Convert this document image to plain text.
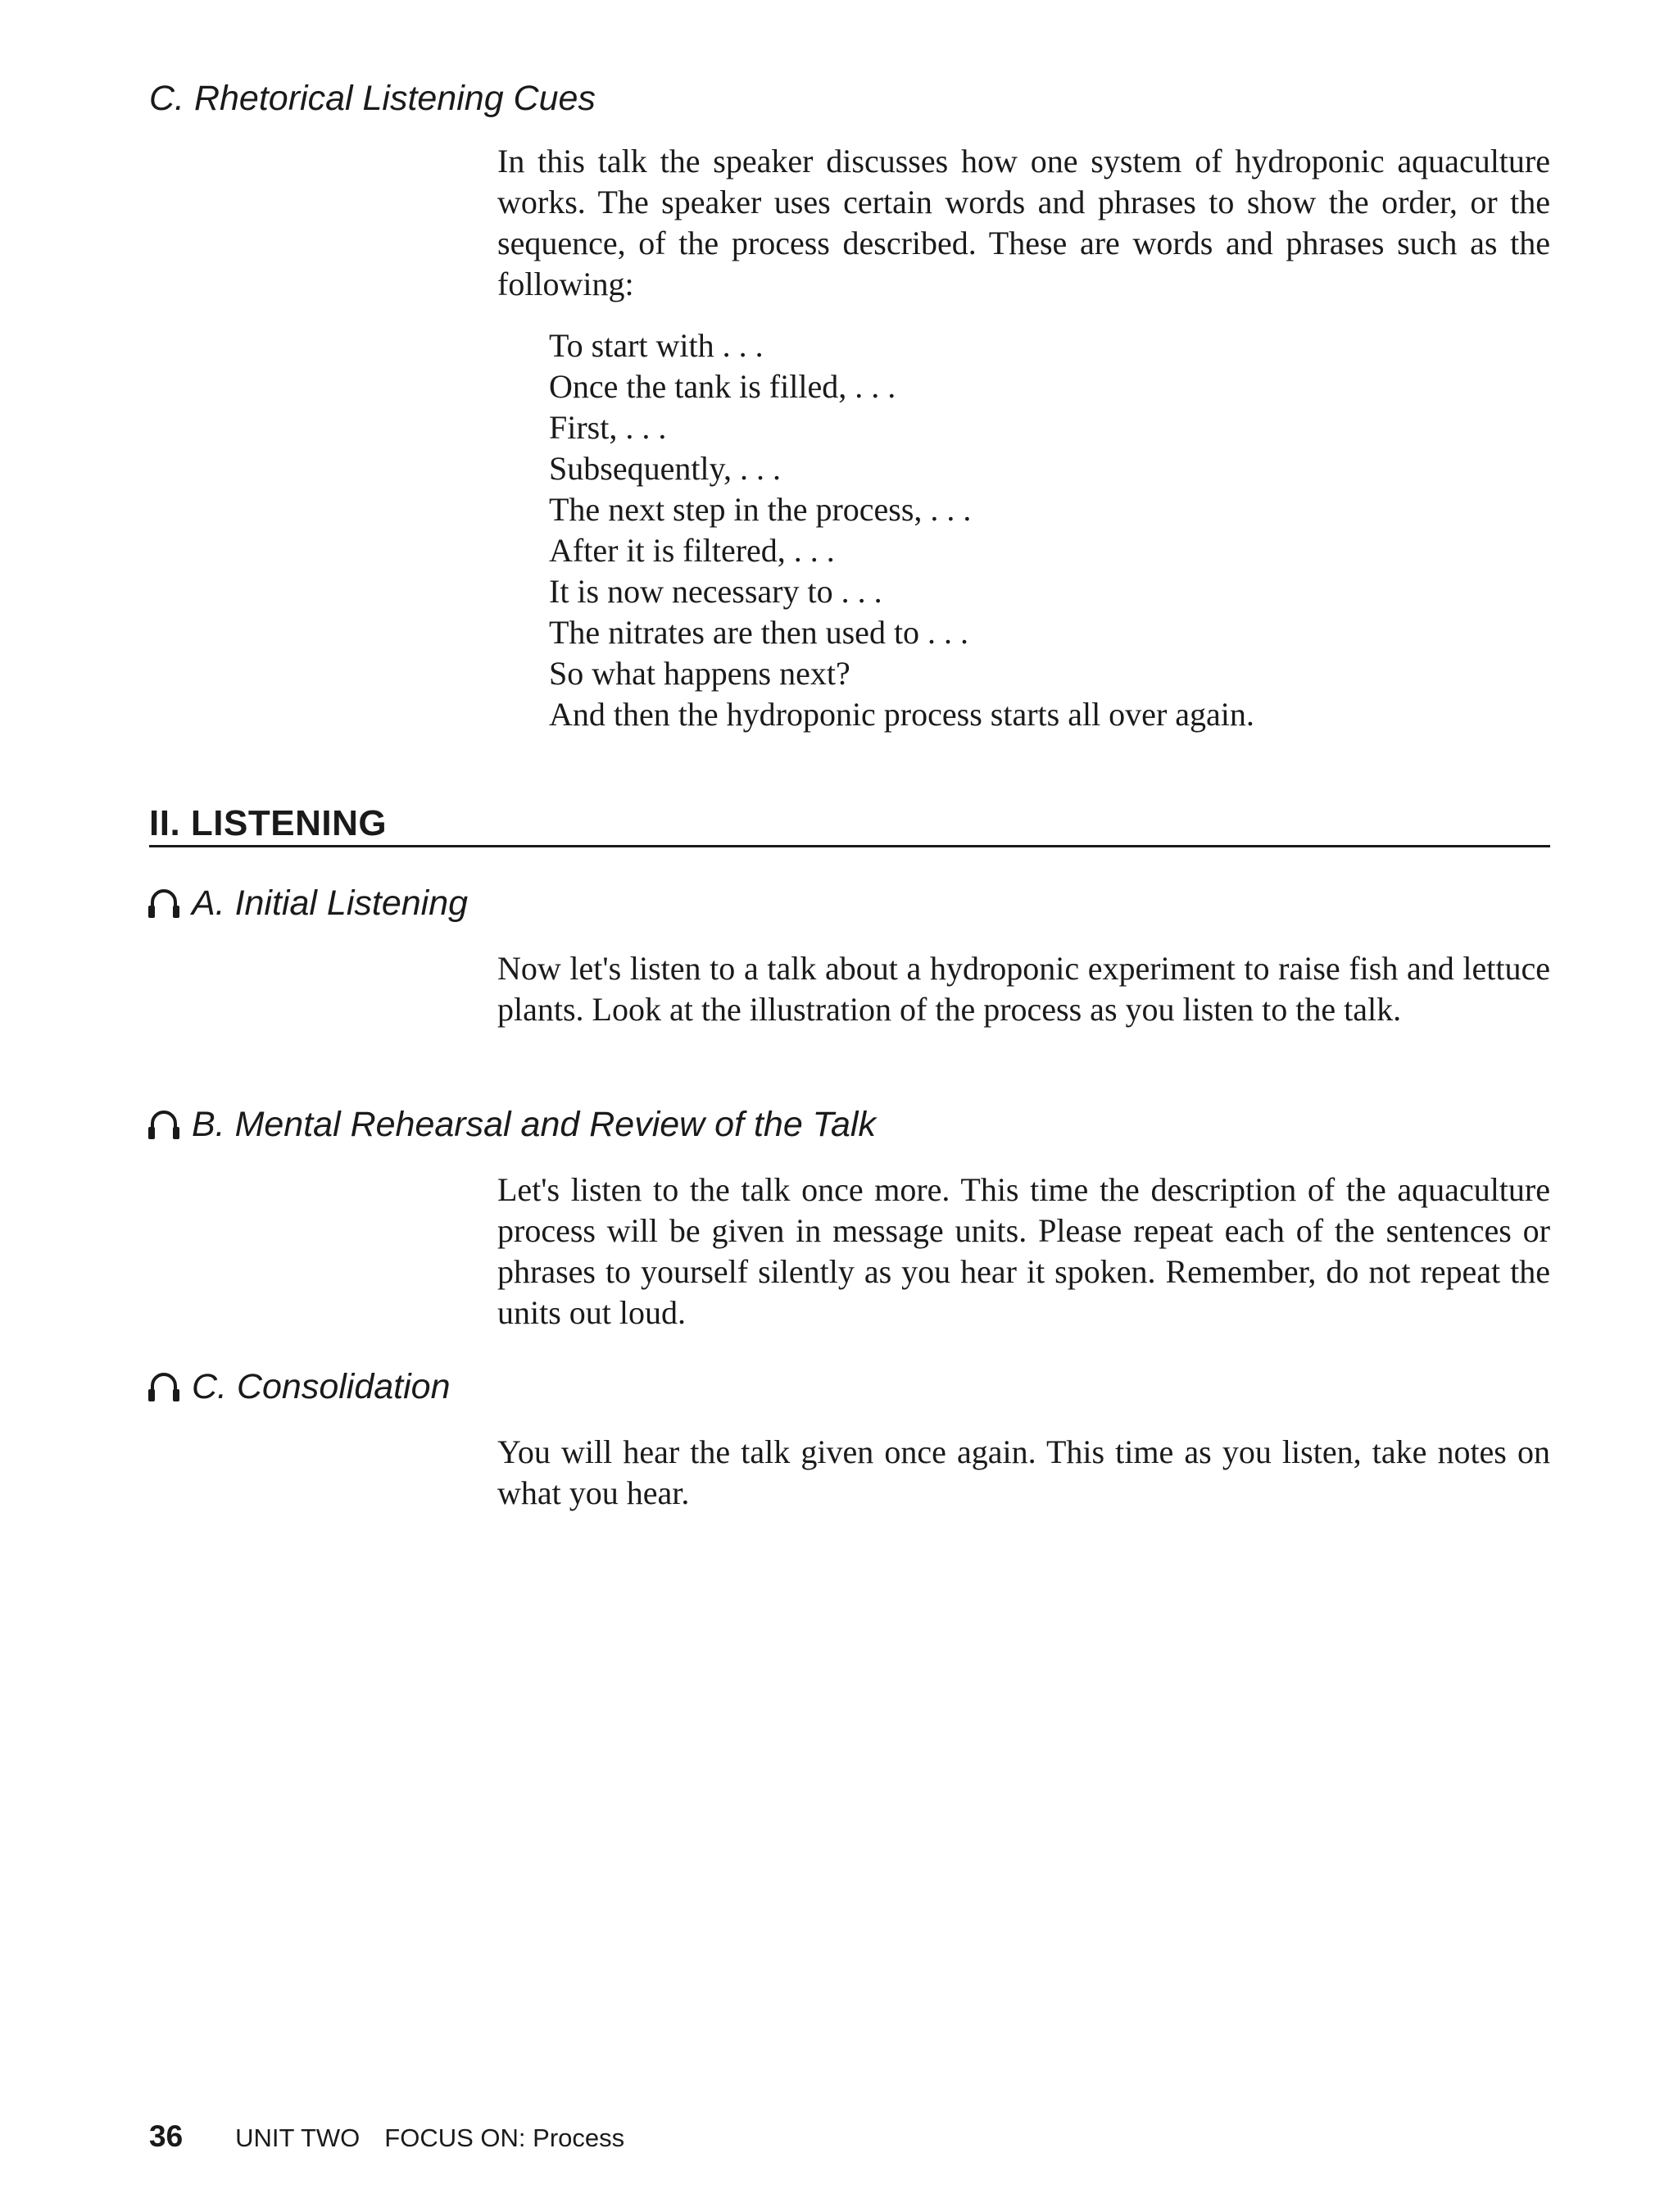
C. Rhetorical Listening Cues

In this talk the speaker discusses how one system of hydroponic aquaculture works. The speaker uses certain words and phrases to show the order, or the sequence, of the process described. These are words and phrases such as the following:

To start with . . .
Once the tank is filled, . . .
First, . . .
Subsequently, . . .
The next step in the process, . . .
After it is filtered, . . .
It is now necessary to . . .
The nitrates are then used to . . .
So what happens next?
And then the hydroponic process starts all over again.
II. LISTENING
A. Initial Listening

Now let's listen to a talk about a hydroponic experiment to raise fish and lettuce plants. Look at the illustration of the process as you listen to the talk.

B. Mental Rehearsal and Review of the Talk

Let's listen to the talk once more. This time the description of the aquaculture process will be given in message units. Please repeat each of the sentences or phrases to yourself silently as you hear it spoken. Remember, do not repeat the units out loud.

C. Consolidation

You will hear the talk given once again. This time as you listen, take notes on what you hear.

36 UNIT TWO FOCUS ON:
Process
